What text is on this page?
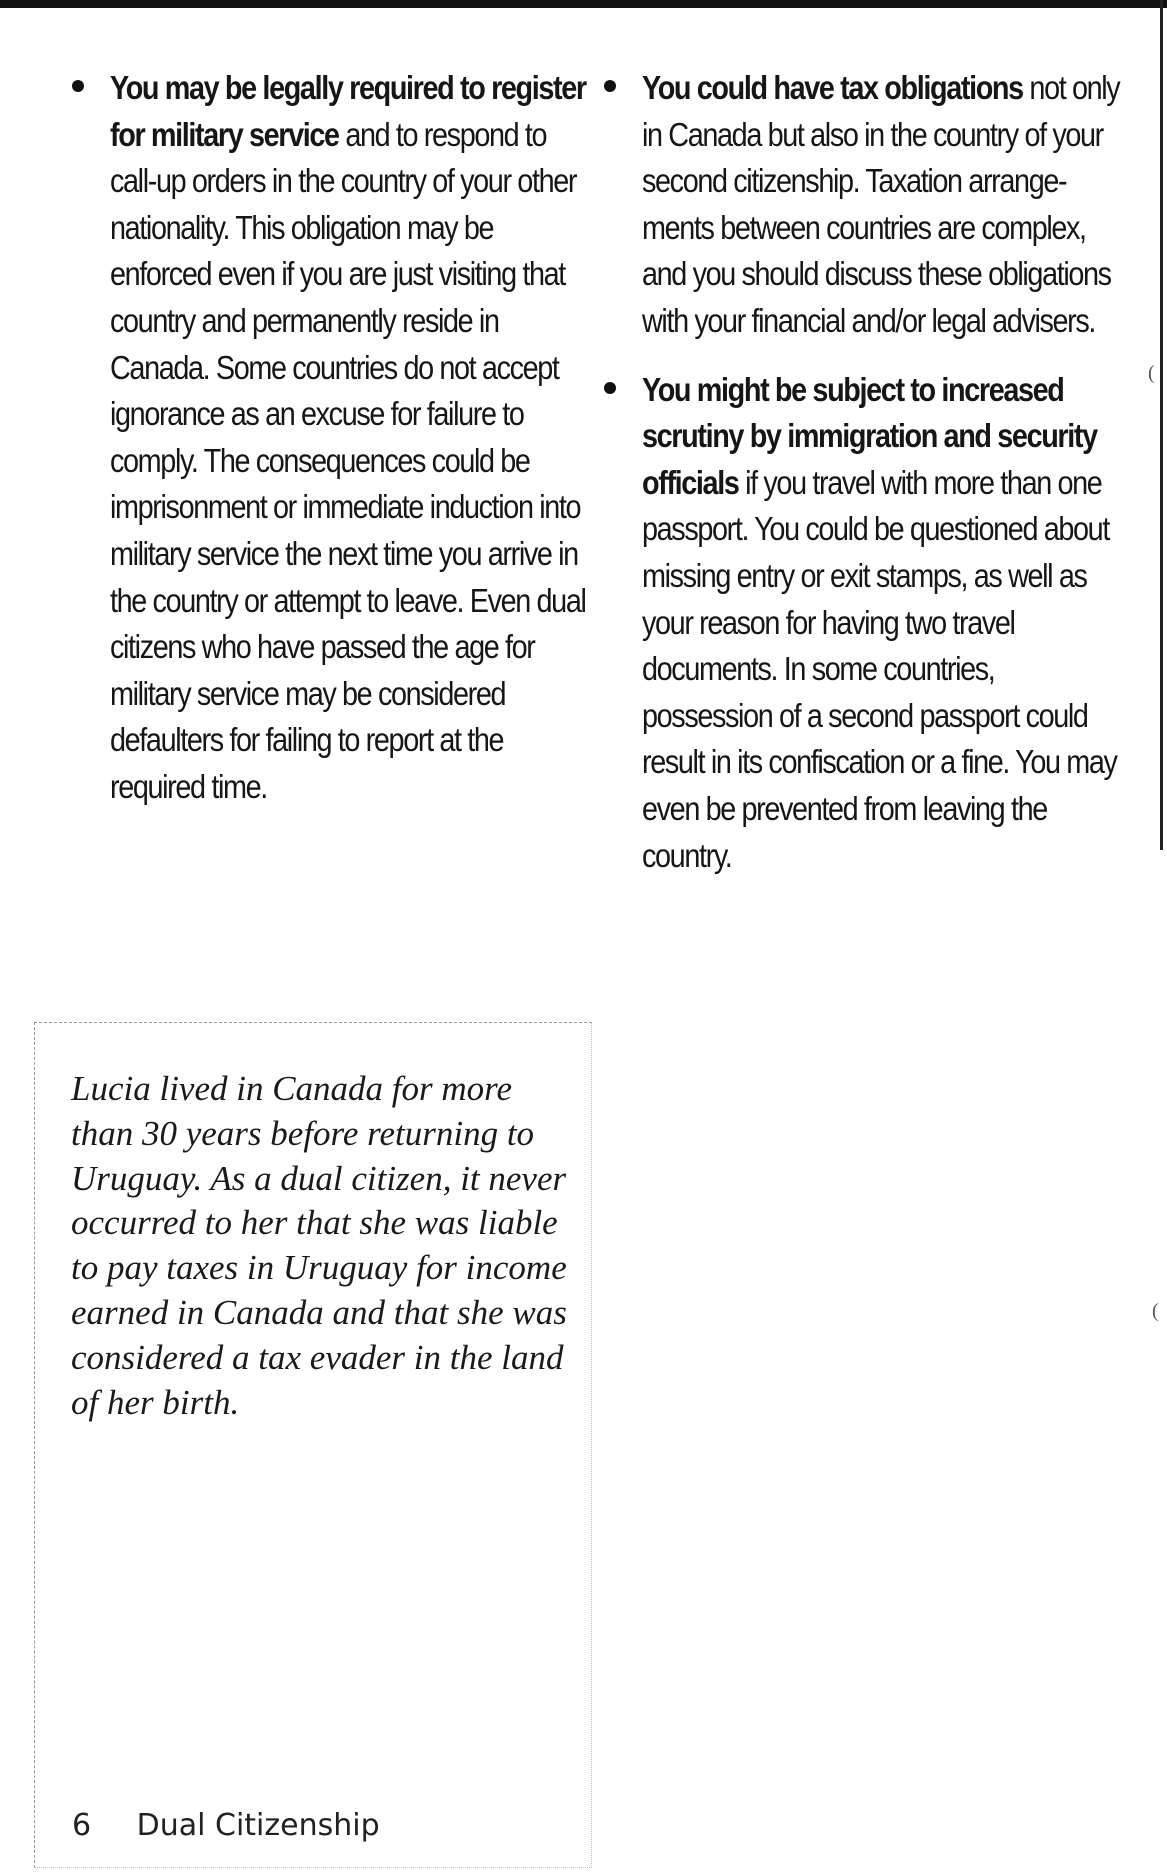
You may be legally required to register for military service and to respond to call-up orders in the country of your other nationality. This obligation may be enforced even if you are just visiting that country and permanently reside in Canada. Some countries do not accept ignorance as an excuse for failure to comply. The consequences could be imprisonment or immediate induction into military service the next time you arrive in the country or attempt to leave. Even dual citizens who have passed the age for military service may be considered defaulters for failing to report at the required time.
You could have tax obligations not only in Canada but also in the country of your second citizenship. Taxation arrange-ments between countries are complex, and you should discuss these obligations with your financial and/or legal advisers.
You might be subject to increased scrutiny by immigration and security officials if you travel with more than one passport. You could be questioned about missing entry or exit stamps, as well as your reason for having two travel documents. In some countries, possession of a second passport could result in its confiscation or a fine. You may even be prevented from leaving the country.
Lucia lived in Canada for more than 30 years before returning to Uruguay. As a dual citizen, it never occurred to her that she was liable to pay taxes in Uruguay for income earned in Canada and that she was considered a tax evader in the land of her birth.
6 Dual Citizenship
(
(
